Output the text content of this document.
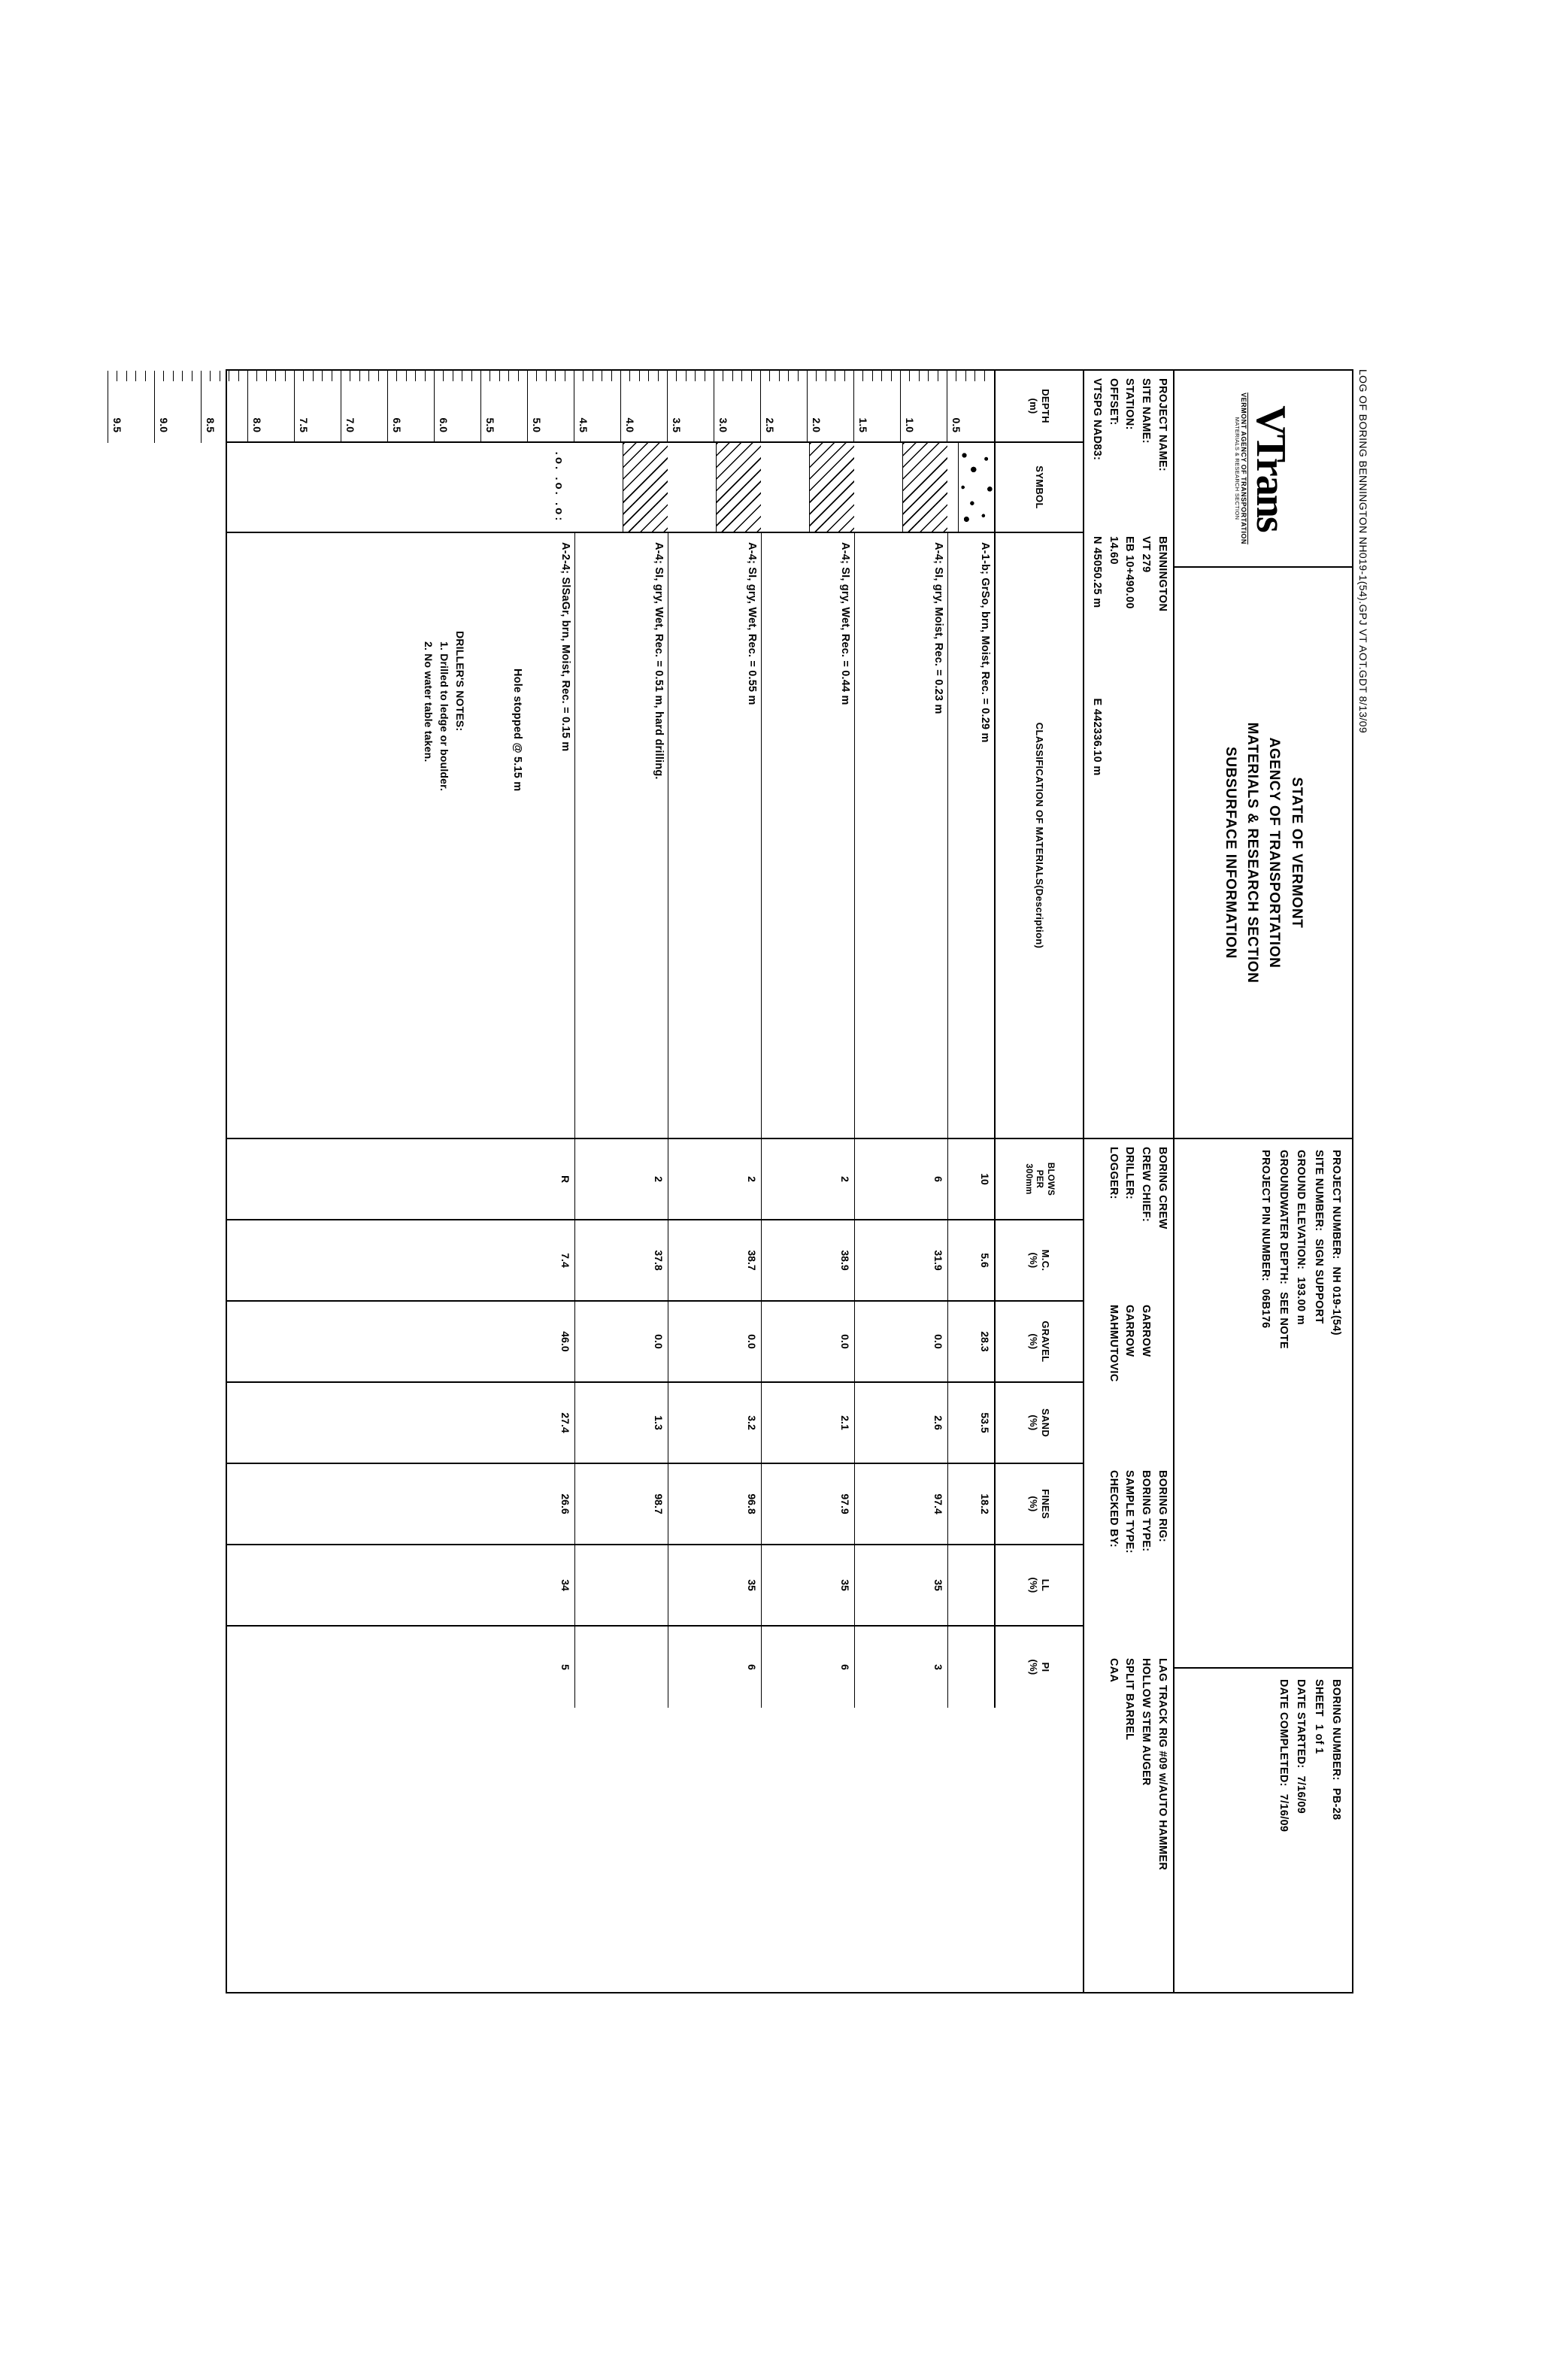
LOG OF BORING BENNINGTON NH019-1(54).GPJ VT AOT.GDT 8/13/09
VTrans
VERMONT AGENCY OF TRANSPORTATION
MATERIALS & RESEARCH SECTION
STATE OF VERMONT
AGENCY OF TRANSPORTATION
MATERIALS & RESEARCH SECTION
SUBSURFACE INFORMATION
PROJECT NUMBER:
NH 019-1(54)
SITE NUMBER:
SIGN SUPPORT
GROUND ELEVATION:
193.00 m
GROUNDWATER DEPTH:
SEE NOTE
PROJECT PIN NUMBER:
06B176
BORING NUMBER:
PB-28
SHEET
1 of 1
DATE STARTED:
7/16/09
DATE COMPLETED:
7/16/09
PROJECT NAME:
BENNINGTON
SITE NAME:
VT 279
STATION:
EB 10+490.00
OFFSET:
14.60
VTSPG NAD83:
N 45050.25 m
E 442336.10 m
BORING CREW
CREW CHIEF:
GARROW
DRILLER:
GARROW
LOGGER:
MAHMUTOVIC
BORING RIG:
LAG TRACK RIG #09 w/AUTO HAMMER
BORING TYPE:
HOLLOW STEM AUGER
SAMPLE TYPE:
SPLIT BARREL
CHECKED BY:
CAA
DEPTH
(m)
0.5
1.0
1.5
2.0
2.5
3.0
3.5
4.0
4.5
5.0
5.5
6.0
6.5
7.0
7.5
8.0
8.5
9.0
9.5
SYMBOL
.o. .o. .o:
CLASSIFICATION OF MATERIALS

(Description)
A-1-b; GrSo, brn, Moist, Rec. = 0.29 m
A-4; SI, gry, Moist, Rec. = 0.23 m
A-4; SI, gry, Wet, Rec. = 0.44 m
A-4; SI, gry, Wet, Rec. = 0.55 m
A-4; SI, gry, Wet, Rec. = 0.51 m, hard drilling.
A-2-4; SlSaGr, brn, Moist, Rec. = 0.15 m
Hole stopped @ 5.15 m
DRILLER'S NOTES:
1. Drilled to ledge or boulder.
2. No water table taken.
BLOWS
PER
300mm
10
6
2
2
2
R
M.C.
(%)
5.6
31.9
38.9
38.7
37.8
7.4
GRAVEL
(%)
28.3
0.0
0.0
0.0
0.0
46.0
SAND
(%)
53.5
2.6
2.1
3.2
1.3
27.4
FINES
(%)
18.2
97.4
97.9
96.8
98.7
26.6
LL
(%)
35
35
35
34
PI
(%)
3
6
6
5
